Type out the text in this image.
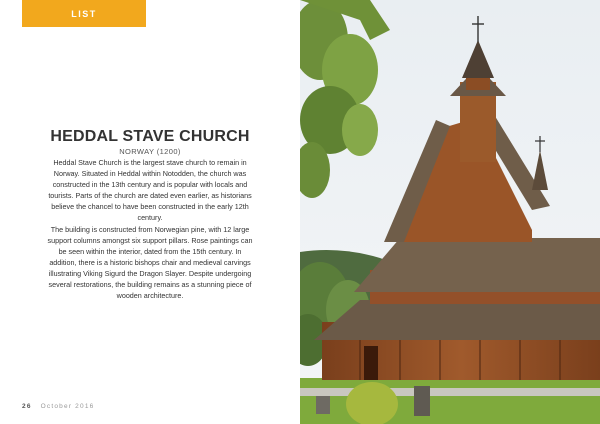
LIST
HEDDAL STAVE CHURCH
NORWAY (1200)

Heddal Stave Church is the largest stave church to remain in Norway. Situated in Heddal within Notodden, the church was constructed in the 13th century and is popular with locals and tourists. Parts of the church are dated even earlier, as historians believe the chancel to have been constructed in the early 12th century.

The building is constructed from Norwegian pine, with 12 large support columns amongst six support pillars. Rose paintings can be seen within the interior, dated from the 15th century. In addition, there is a historic bishops chair and medieval carvings illustrating Viking Sigurd the Dragon Slayer. Despite undergoing several restorations, the building remains as a stunning piece of wooden architecture.

26 October 2016
